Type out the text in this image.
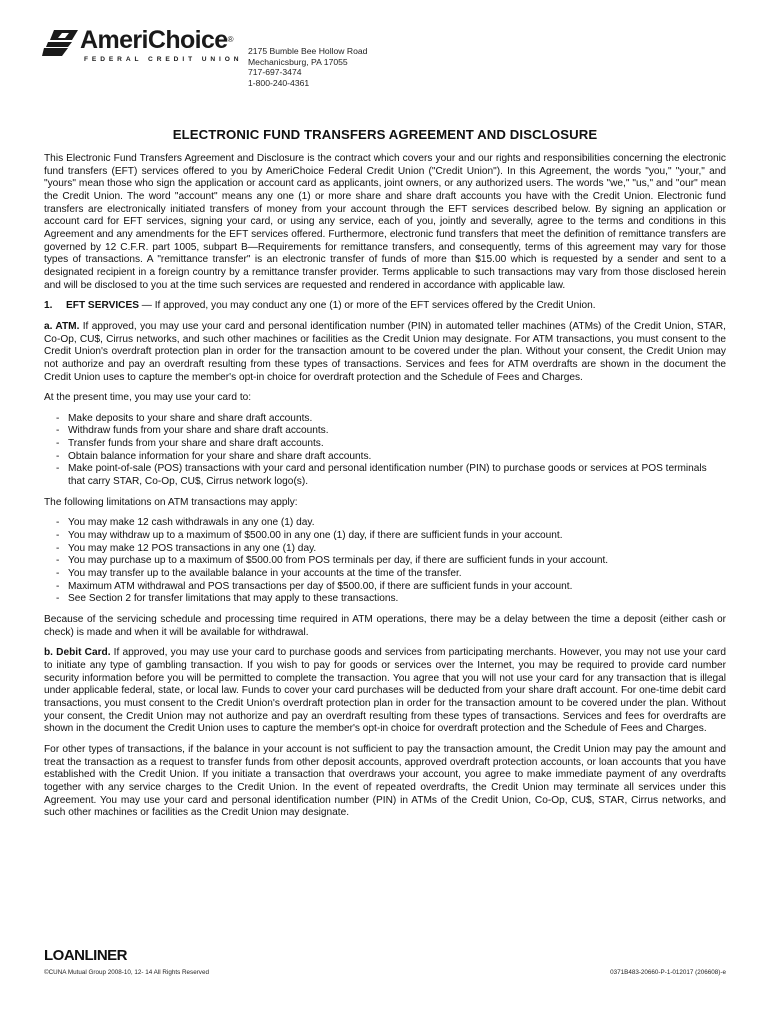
AmeriChoice®
FEDERAL CREDIT UNION
2175 Bumble Bee Hollow Road
Mechanicsburg, PA 17055
717-697-3474
1-800-240-4361
ELECTRONIC FUND TRANSFERS AGREEMENT AND DISCLOSURE

This Electronic Fund Transfers Agreement and Disclosure is the contract which covers your and our rights and responsibilities concerning the electronic fund transfers (EFT) services offered to you by AmeriChoice Federal Credit Union ("Credit Union"). In this Agreement, the words "you," "your," and "yours" mean those who sign the application or account card as applicants, joint owners, or any authorized users. The words "we," "us," and "our" mean the Credit Union. The word "account" means any one (1) or more share and share draft accounts you have with the Credit Union. Electronic fund transfers are electronically initiated transfers of money from your account through the EFT services described below. By signing an application or account card for EFT services, signing your card, or using any service, each of you, jointly and severally, agree to the terms and conditions in this Agreement and any amendments for the EFT services offered. Furthermore, electronic fund transfers that meet the definition of remittance transfers are governed by 12 C.F.R. part 1005, subpart B—Requirements for remittance transfers, and consequently, terms of this agreement may vary for those types of transactions. A "remittance transfer" is an electronic transfer of funds of more than $15.00 which is requested by a sender and sent to a designated recipient in a foreign country by a remittance transfer provider. Terms applicable to such transactions may vary from those disclosed herein and will be disclosed to you at the time such services are requested and rendered in accordance with applicable law.

1. EFT SERVICES — If approved, you may conduct any one (1) or more of the EFT services offered by the Credit Union.

a. ATM. If approved, you may use your card and personal identification number (PIN) in automated teller machines (ATMs) of the Credit Union, STAR, Co-Op, CU$, Cirrus networks, and such other machines or facilities as the Credit Union may designate. For ATM transactions, you must consent to the Credit Union's overdraft protection plan in order for the transaction amount to be covered under the plan. Without your consent, the Credit Union may not authorize and pay an overdraft resulting from these types of transactions. Services and fees for ATM overdrafts are shown in the document the Credit Union uses to capture the member's opt-in choice for overdraft protection and the Schedule of Fees and Charges.

At the present time, you may use your card to:

- Make deposits to your share and share draft accounts.
- Withdraw funds from your share and share draft accounts.
- Transfer funds from your share and share draft accounts.
- Obtain balance information for your share and share draft accounts.
- Make point-of-sale (POS) transactions with your card and personal identification number (PIN) to purchase goods or services at POS terminals that carry STAR, Co-Op, CU$, Cirrus network logo(s).

The following limitations on ATM transactions may apply:

- You may make 12 cash withdrawals in any one (1) day.
- You may withdraw up to a maximum of $500.00 in any one (1) day, if there are sufficient funds in your account.
- You may make 12 POS transactions in any one (1) day.
- You may purchase up to a maximum of $500.00 from POS terminals per day, if there are sufficient funds in your account.
- You may transfer up to the available balance in your accounts at the time of the transfer.
- Maximum ATM withdrawal and POS transactions per day of $500.00, if there are sufficient funds in your account.
- See Section 2 for transfer limitations that may apply to these transactions.

Because of the servicing schedule and processing time required in ATM operations, there may be a delay between the time a deposit (either cash or check) is made and when it will be available for withdrawal.

b. Debit Card. If approved, you may use your card to purchase goods and services from participating merchants. However, you may not use your card to initiate any type of gambling transaction. If you wish to pay for goods or services over the Internet, you may be required to provide card number security information before you will be permitted to complete the transaction. You agree that you will not use your card for any transaction that is illegal under applicable federal, state, or local law. Funds to cover your card purchases will be deducted from your share draft account. For one-time debit card transactions, you must consent to the Credit Union's overdraft protection plan in order for the transaction amount to be covered under the plan. Without your consent, the Credit Union may not authorize and pay an overdraft resulting from these types of transactions. Services and fees for overdrafts are shown in the document the Credit Union uses to capture the member's opt-in choice for overdraft protection and the Schedule of Fees and Charges.

For other types of transactions, if the balance in your account is not sufficient to pay the transaction amount, the Credit Union may pay the amount and treat the transaction as a request to transfer funds from other deposit accounts, approved overdraft protection accounts, or loan accounts that you have established with the Credit Union. If you initiate a transaction that overdraws your account, you agree to make immediate payment of any overdrafts together with any service charges to the Credit Union. In the event of repeated overdrafts, the Credit Union may terminate all services under this Agreement. You may use your card and personal identification number (PIN) in ATMs of the Credit Union, Co-Op, CU$, STAR, Cirrus networks, and such other machines or facilities as the Credit Union may designate.

LOANLINER
©CUNA Mutual Group 2008-10, 12- 14 All Rights Reserved	0371B483-20660-P-1-012017 (206608)-e
